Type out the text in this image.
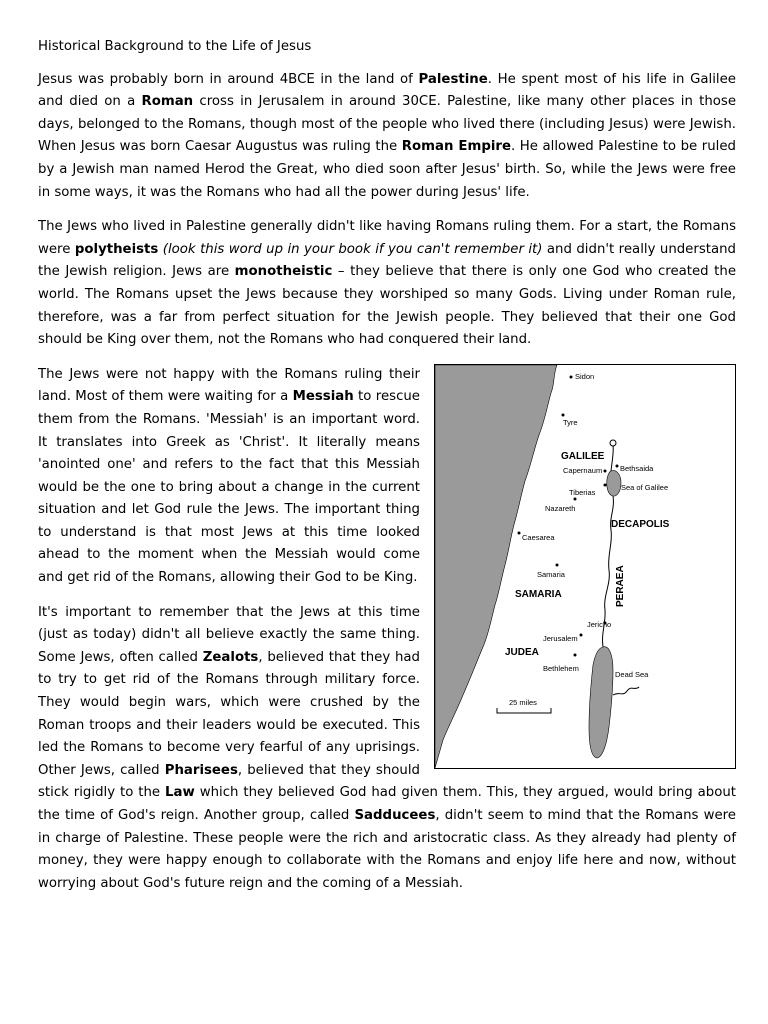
Historical Background to the Life of Jesus

Jesus was probably born in around 4BCE in the land of Palestine. He spent most of his life in Galilee and died on a Roman cross in Jerusalem in around 30CE. Palestine, like many other places in those days, belonged to the Romans, though most of the people who lived there (including Jesus) were Jewish. When Jesus was born Caesar Augustus was ruling the Roman Empire. He allowed Palestine to be ruled by a Jewish man named Herod the Great, who died soon after Jesus' birth. So, while the Jews were free in some ways, it was the Romans who had all the power during Jesus' life.

The Jews who lived in Palestine generally didn't like having Romans ruling them. For a start, the Romans were polytheists (look this word up in your book if you can't remember it) and didn't really understand the Jewish religion. Jews are monotheistic – they believe that there is only one God who created the world. The Romans upset the Jews because they worshiped so many Gods. Living under Roman rule, therefore, was a far from perfect situation for the Jewish people. They believed that their one God should be King over them, not the Romans who had conquered their land.

Sidon
Tyre
Capernaum Bethsaida
Sea of Galilee
Tiberias
Nazareth
Caesarea
Samaria
Jericho
Jerusalem
Bethlehem
Dead Sea
GALILEE
DECAPOLIS
SAMARIA	PERAEA
JUDEA
25 miles

The Jews were not happy with the Romans ruling their land. Most of them were waiting for a Messiah to rescue them from the Romans. 'Messiah' is an important word. It translates into Greek as 'Christ'. It literally means 'anointed one' and refers to the fact that this Messiah would be the one to bring about a change in the current situation and let God rule the Jews. The important thing to understand is that most Jews at this time looked ahead to the moment when the Messiah would come and get rid of the Romans, allowing their God to be King.

It's important to remember that the Jews at this time (just as today) didn't all believe exactly the same thing. Some Jews, often called Zealots, believed that they had to try to get rid of the Romans through military force. They would begin wars, which were crushed by the Roman troops and their leaders would be executed. This led the Romans to become very fearful of any uprisings. Other Jews, called Pharisees, believed that they should stick rigidly to the Law which they believed God had given them. This, they argued, would bring about the time of God's reign. Another group, called Sadducees, didn't seem to mind that the Romans were in charge of Palestine. These people were the rich and aristocratic class. As they already had plenty of money, they were happy enough to collaborate with the Romans and enjoy life here and now, without worrying about God's future reign and the coming of a Messiah.
